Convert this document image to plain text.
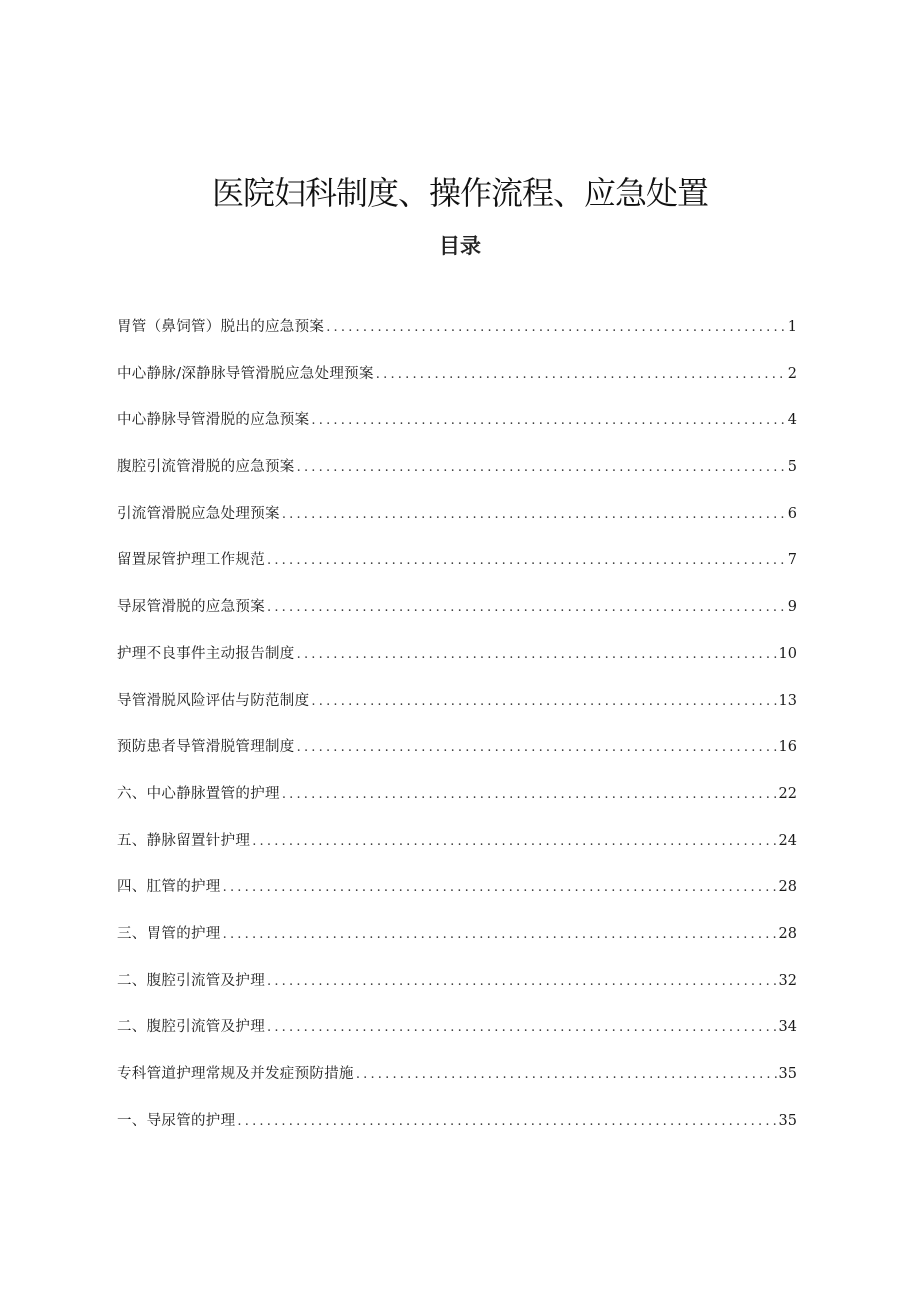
医院妇科制度、操作流程、应急处置
目录
胃管（鼻饲管）脱出的应急预案 .....	1
中心静脉/深静脉导管滑脱应急处理预案 .....	2
中心静脉导管滑脱的应急预案 .....	4
腹腔引流管滑脱的应急预案 .....	5
引流管滑脱应急处理预案 .....	6
留置尿管护理工作规范 .....	7
导尿管滑脱的应急预案 .....	9
护理不良事件主动报告制度 .....	10
导管滑脱风险评估与防范制度 .....	13
预防患者导管滑脱管理制度 .....	16
六、中心静脉置管的护理 .....	22
五、静脉留置针护理 .....	24
四、肛管的护理 .....	28
三、胃管的护理 .....	28
二、腹腔引流管及护理 .....	32
二、腹腔引流管及护理 .....	34
专科管道护理常规及并发症预防措施 .....	35
一、导尿管的护理 .....	35
